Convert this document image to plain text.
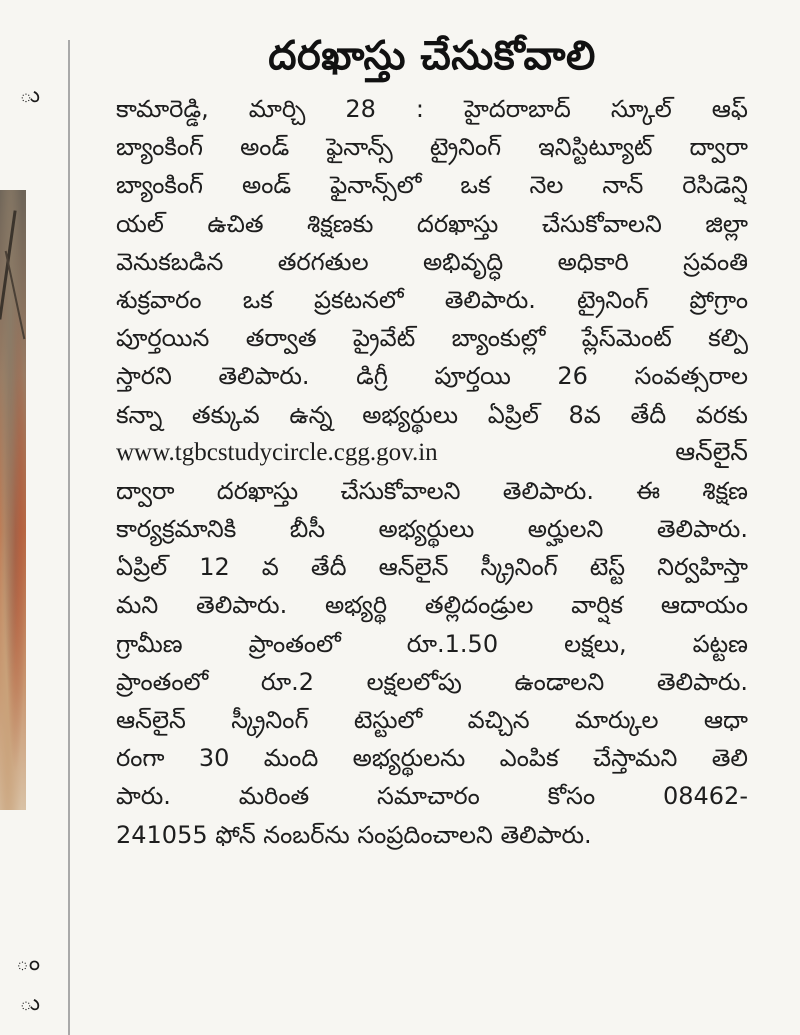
ు
ం
ు
దరఖాస్తు చేసుకోవాలి
కామారెడ్డి, మార్చి 28 : హైదరాబాద్ స్కూల్ ఆఫ్
బ్యాంకింగ్ అండ్ ఫైనాన్స్ ట్రైనింగ్ ఇనిస్టిట్యూట్ ద్వారా
బ్యాంకింగ్ అండ్ ఫైనాన్స్‌లో ఒక నెల నాన్ రెసిడెన్షి
యల్ ఉచిత శిక్షణకు దరఖాస్తు చేసుకోవాలని జిల్లా
వెనుకబడిన తరగతుల అభివృద్ధి అధికారి స్రవంతి
శుక్రవారం ఒక ప్రకటనలో తెలిపారు. ట్రైనింగ్ ప్రోగ్రాం
పూర్తయిన తర్వాత ప్రైవేట్ బ్యాంకుల్లో ప్లేస్‌మెంట్ కల్పి
స్తారని తెలిపారు. డిగ్రీ పూర్తయి 26 సంవత్సరాల
కన్నా తక్కువ ఉన్న అభ్యర్థులు ఏప్రిల్ 8వ తేదీ వరకు
www.tgbcstudycircle.cgg.gov.in ఆన్‌లైన్
ద్వారా దరఖాస్తు చేసుకోవాలని తెలిపారు. ఈ శిక్షణ
కార్యక్రమానికి బీసీ అభ్యర్థులు అర్హులని తెలిపారు.
ఏప్రిల్ 12 వ తేదీ ఆన్‌లైన్ స్క్రీనింగ్ టెస్ట్ నిర్వహిస్తా
మని తెలిపారు. అభ్యర్థి తల్లిదండ్రుల వార్షిక ఆదాయం
గ్రామీణ ప్రాంతంలో రూ.1.50 లక్షలు, పట్టణ
ప్రాంతంలో రూ.2 లక్షలలోపు ఉండాలని తెలిపారు.
ఆన్‌లైన్ స్క్రీనింగ్ టెస్టులో వచ్చిన మార్కుల ఆధా
రంగా 30 మంది అభ్యర్థులను ఎంపిక చేస్తామని తెలి
పారు. మరింత సమాచారం కోసం 08462-
241055 ఫోన్ నంబర్‌ను సంప్రదించాలని తెలిపారు.
